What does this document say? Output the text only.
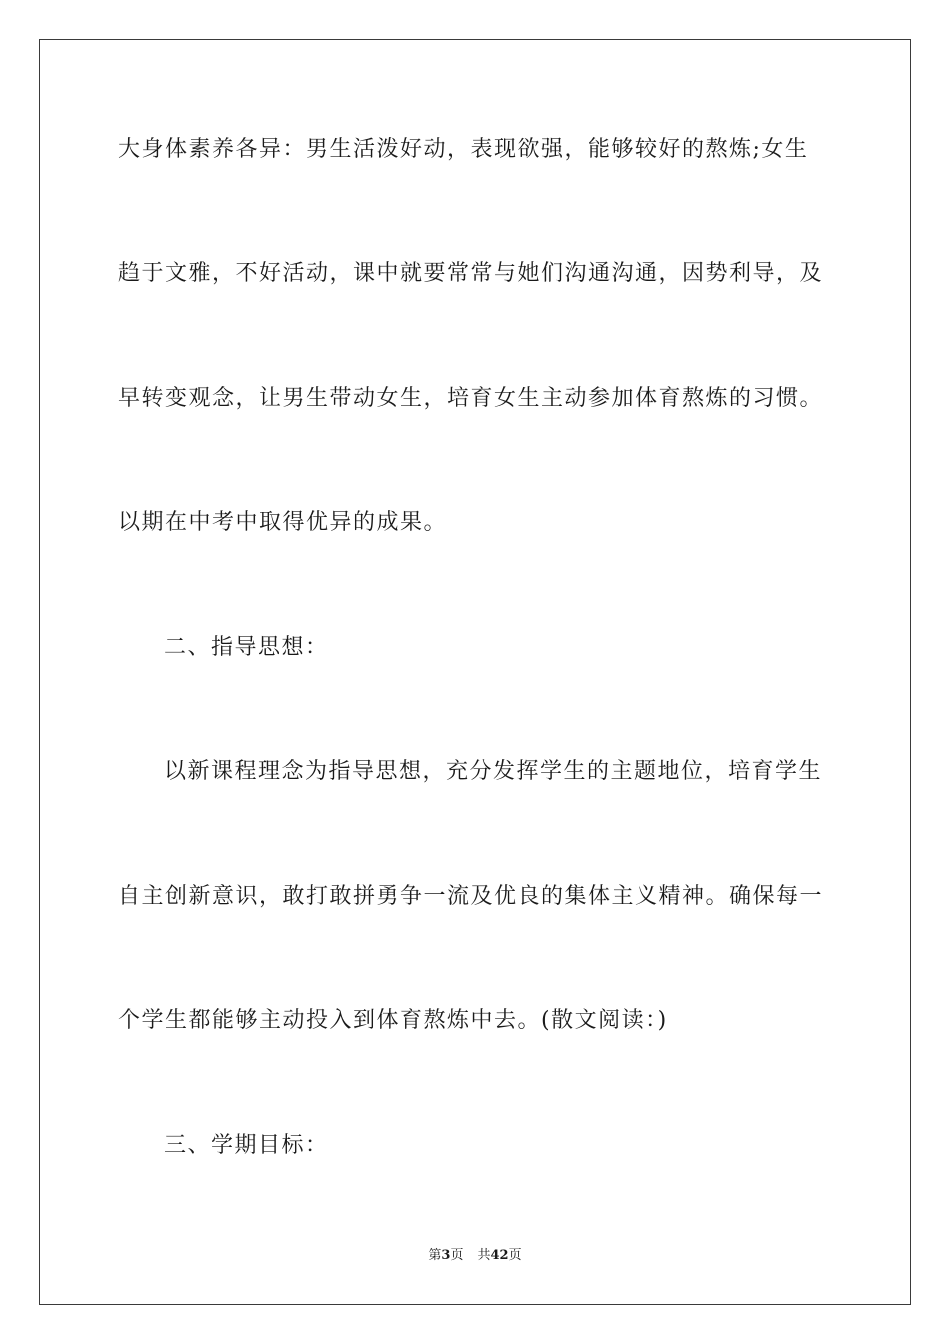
大身体素养各异：男生活泼好动，表现欲强，能够较好的熬炼;女生
趋于文雅，不好活动，课中就要常常与她们沟通沟通，因势利导，及
早转变观念，让男生带动女生，培育女生主动参加体育熬炼的习惯。
以期在中考中取得优异的成果。
二、指导思想：
以新课程理念为指导思想，充分发挥学生的主题地位，培育学生
自主创新意识，敢打敢拼勇争一流及优良的集体主义精神。确保每一
个学生都能够主动投入到体育熬炼中去。(散文阅读：)
三、学期目标：
第3页 共42页
